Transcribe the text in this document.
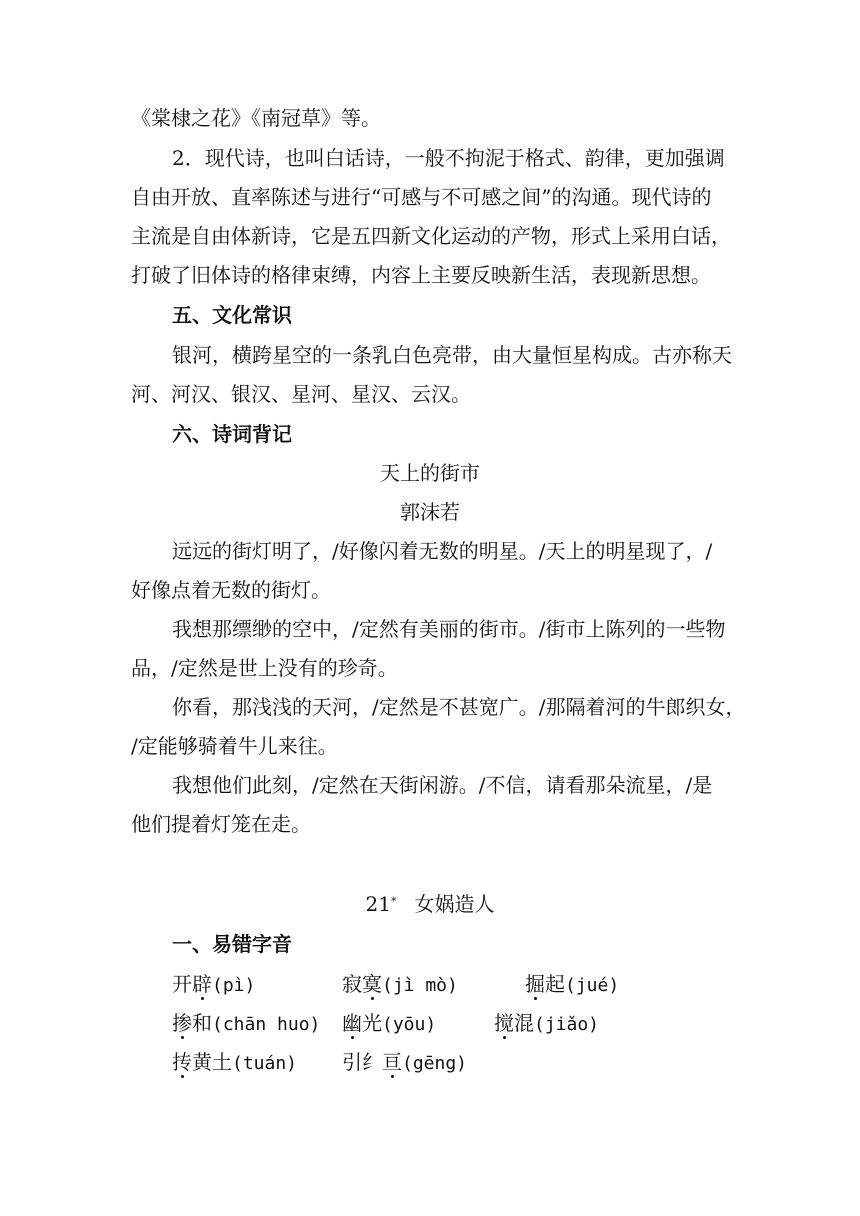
《棠棣之花》《南冠草》等。
2．现代诗，也叫白话诗，一般不拘泥于格式、韵律，更加强调
自由开放、直率陈述与进行“可感与不可感之间”的沟通。现代诗的
主流是自由体新诗，它是五四新文化运动的产物，形式上采用白话，
打破了旧体诗的格律束缚，内容上主要反映新生活，表现新思想。
五、文化常识
银河，横跨星空的一条乳白色亮带，由大量恒星构成。古亦称天
河、河汉、银汉、星河、星汉、云汉。
六、诗词背记
天上的街市
郭沫若
远远的街灯明了，/好像闪着无数的明星。/天上的明星现了，/
好像点着无数的街灯。
我想那缥缈的空中，/定然有美丽的街市。/街市上陈列的一些物
品，/定然是世上没有的珍奇。
你看，那浅浅的天河，/定然是不甚宽广。/那隔着河的牛郎织女，
/定能够骑着牛儿来往。
我想他们此刻，/定然在天街闲游。/不信，请看那朵流星，/是
他们提着灯笼在走。
21* 女娲造人
一、易错字音
开辟(pì)	寂寞(jì mò)	掘起(jué)
掺和(chān huo) 幽光(yōu)	搅混(jiǎo)
抟黄土(tuán) 引纟亘(gēng)
